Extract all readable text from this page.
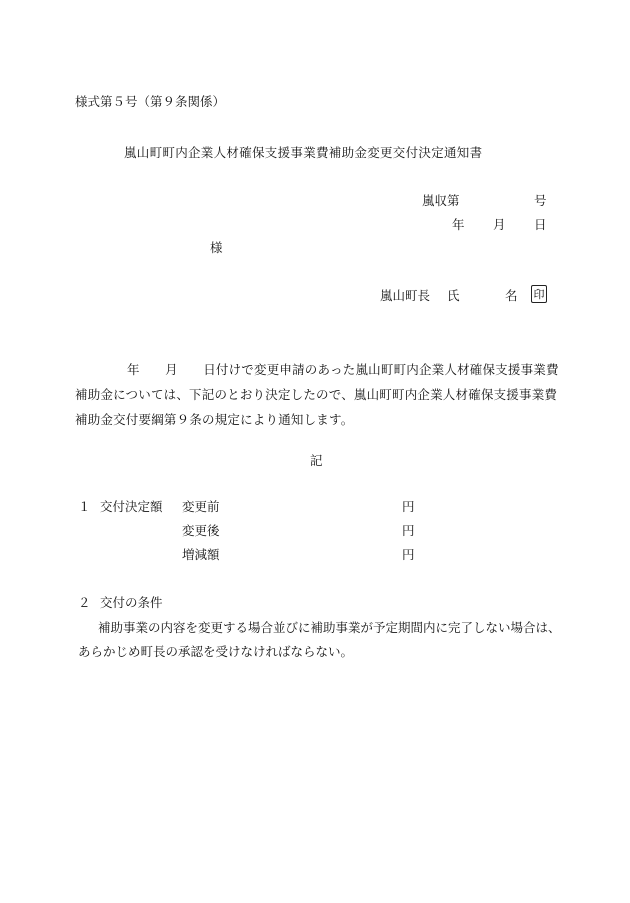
様式第５号（第９条関係）
嵐山町町内企業人材確保支援事業費補助金変更交付決定通知書
嵐収第	号
年 月 日
様
嵐山町長 氏	名 印
年　　月　　日付けで変更申請のあった嵐山町町内企業人材確保支援事業費補助金については、下記のとおり決定したので、嵐山町町内企業人材確保支援事業費補助金交付要綱第９条の規定により通知します。
記
１ 交付決定額 変更前	円
変更後	円
増減額	円
２ 交付の条件
補助事業の内容を変更する場合並びに補助事業が予定期間内に完了しない場合は、あらかじめ町長の承認を受けなければならない。
